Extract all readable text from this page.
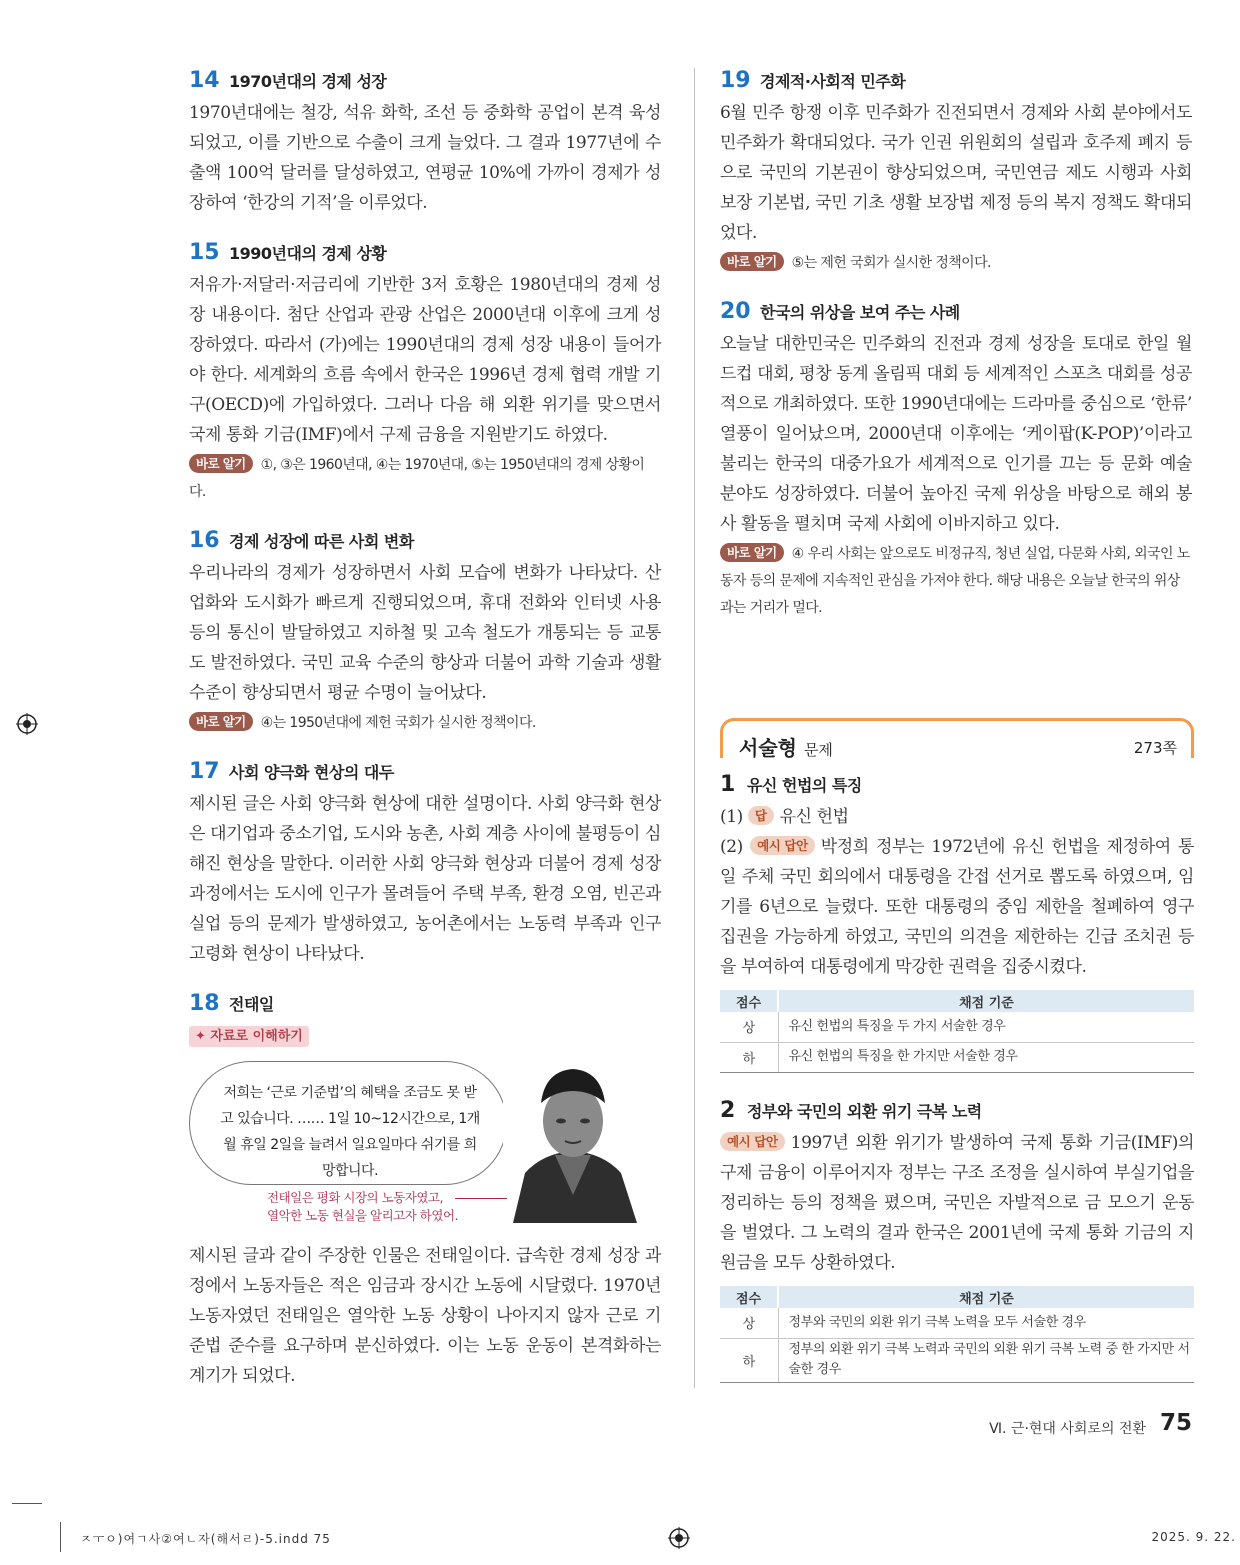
14 1970년대의 경제 성장

1970년대에는 철강, 석유 화학, 조선 등 중화학 공업이 본격 육성되었고, 이를 기반으로 수출이 크게 늘었다. 그 결과 1977년에 수출액 100억 달러를 달성하였고, 연평균 10%에 가까이 경제가 성장하여 ‘한강의 기적’을 이루었다.

15 1990년대의 경제 상황

저유가·저달러·저금리에 기반한 3저 호황은 1980년대의 경제 성장 내용이다. 첨단 산업과 관광 산업은 2000년대 이후에 크게 성장하였다. 따라서 (가)에는 1990년대의 경제 성장 내용이 들어가야 한다. 세계화의 흐름 속에서 한국은 1996년 경제 협력 개발 기구(OECD)에 가입하였다. 그러나 다음 해 외환 위기를 맞으면서 국제 통화 기금(IMF)에서 구제 금융을 지원받기도 하였다.

바로 알기 ①, ③은 1960년대, ④는 1970년대, ⑤는 1950년대의 경제 상황이다.

16 경제 성장에 따른 사회 변화

우리나라의 경제가 성장하면서 사회 모습에 변화가 나타났다. 산업화와 도시화가 빠르게 진행되었으며, 휴대 전화와 인터넷 사용 등의 통신이 발달하였고 지하철 및 고속 철도가 개통되는 등 교통도 발전하였다. 국민 교육 수준의 향상과 더불어 과학 기술과 생활 수준이 향상되면서 평균 수명이 늘어났다.

바로 알기 ④는 1950년대에 제헌 국회가 실시한 정책이다.

17 사회 양극화 현상의 대두

제시된 글은 사회 양극화 현상에 대한 설명이다. 사회 양극화 현상은 대기업과 중소기업, 도시와 농촌, 사회 계층 사이에 불평등이 심해진 현상을 말한다. 이러한 사회 양극화 현상과 더불어 경제 성장 과정에서는 도시에 인구가 몰려들어 주택 부족, 환경 오염, 빈곤과 실업 등의 문제가 발생하였고, 농어촌에서는 노동력 부족과 인구 고령화 현상이 나타났다.

18 전태일
✦ 자료로 이해하기
저희는 ‘근로 기준법’의 혜택을 조금도 못 받고 있습니다. …… 1일 10~12시간으로, 1개월 휴일 2일을 늘려서 일요일마다 쉬기를 희망합니다.
전태일은 평화 시장의 노동자였고,
열악한 노동 현실을 알리고자 하였어.

제시된 글과 같이 주장한 인물은 전태일이다. 급속한 경제 성장 과정에서 노동자들은 적은 임금과 장시간 노동에 시달렸다. 1970년 노동자였던 전태일은 열악한 노동 상황이 나아지지 않자 근로 기준법 준수를 요구하며 분신하였다. 이는 노동 운동이 본격화하는 계기가 되었다.

19 경제적·사회적 민주화

6월 민주 항쟁 이후 민주화가 진전되면서 경제와 사회 분야에서도 민주화가 확대되었다. 국가 인권 위원회의 설립과 호주제 폐지 등으로 국민의 기본권이 향상되었으며, 국민연금 제도 시행과 사회 보장 기본법, 국민 기초 생활 보장법 제정 등의 복지 정책도 확대되었다.

바로 알기 ⑤는 제헌 국회가 실시한 정책이다.

20 한국의 위상을 보여 주는 사례

오늘날 대한민국은 민주화의 진전과 경제 성장을 토대로 한일 월드컵 대회, 평창 동계 올림픽 대회 등 세계적인 스포츠 대회를 성공적으로 개최하였다. 또한 1990년대에는 드라마를 중심으로 ‘한류’ 열풍이 일어났으며, 2000년대 이후에는 ‘케이팝(K-POP)’이라고 불리는 한국의 대중가요가 세계적으로 인기를 끄는 등 문화 예술 분야도 성장하였다. 더불어 높아진 국제 위상을 바탕으로 해외 봉사 활동을 펼치며 국제 사회에 이바지하고 있다.

바로 알기 ④ 우리 사회는 앞으로도 비정규직, 청년 실업, 다문화 사회, 외국인 노동자 등의 문제에 지속적인 관심을 가져야 한다. 해당 내용은 오늘날 한국의 위상과는 거리가 멀다.

서술형 문제	273쪽
1 유신 헌법의 특징

(1) 답 유신 헌법

(2) 예시 답안 박정희 정부는 1972년에 유신 헌법을 제정하여 통일 주체 국민 회의에서 대통령을 간접 선거로 뽑도록 하였으며, 임기를 6년으로 늘렸다. 또한 대통령의 중임 제한을 철폐하여 영구 집권을 가능하게 하였고, 국민의 의견을 제한하는 긴급 조치권 등을 부여하여 대통령에게 막강한 권력을 집중시켰다.

점수	채점 기준
상	유신 헌법의 특징을 두 가지 서술한 경우
하	유신 헌법의 특징을 한 가지만 서술한 경우
2 정부와 국민의 외환 위기 극복 노력

예시 답안 1997년 외환 위기가 발생하여 국제 통화 기금(IMF)의 구제 금융이 이루어지자 정부는 구조 조정을 실시하여 부실기업을 정리하는 등의 정책을 폈으며, 국민은 자발적으로 금 모으기 운동을 벌였다. 그 노력의 결과 한국은 2001년에 국제 통화 기금의 지원금을 모두 상환하였다.

점수	채점 기준
상	정부와 국민의 외환 위기 극복 노력을 모두 서술한 경우
하	정부의 외환 위기 극복 노력과 국민의 외환 위기 극복 노력 중 한 가지만 서술한 경우
Ⅵ. 근·현대 사회로의 전환 75
ㅈㅜㅇ)여ㄱ사②여ㄴ자(해서ㄹ)-5.indd 75	2025. 9. 22.
